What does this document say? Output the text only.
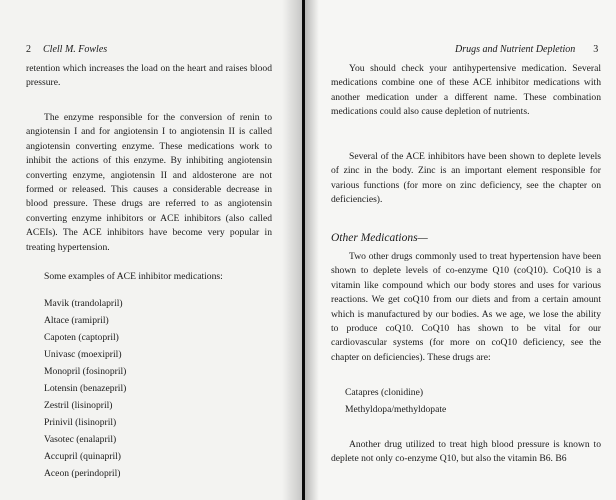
2 Clell M. Fowles

retention which increases the load on the heart and raises blood pressure.

The enzyme responsible for the conversion of renin to angiotensin I and for angiotensin I to angiotensin II is called angiotensin converting enzyme. These medications work to inhibit the actions of this enzyme. By inhibiting angiotensin converting enzyme, angiotensin II and aldosterone are not formed or released. This causes a considerable decrease in blood pressure. These drugs are referred to as angiotensin converting enzyme inhibitors or ACE inhibitors (also called ACEIs). The ACE inhibitors have become very popular in treating hypertension.

Some examples of ACE inhibitor medications:

Mavik (trandolapril)
Altace (ramipril)
Capoten (captopril)
Univasc (moexipril)
Monopril (fosinopril)
Lotensin (benazepril)
Zestril (lisinopril)
Prinivil (lisinopril)
Vasotec (enalapril)
Accupril (quinapril)
Aceon (perindopril)
Drugs and Nutrient Depletion 3

You should check your antihypertensive medication. Several medications combine one of these ACE inhibitor medications with another medication under a different name. These combination medications could also cause depletion of nutrients.

Several of the ACE inhibitors have been shown to deplete levels of zinc in the body. Zinc is an important element responsible for various functions (for more on zinc deficiency, see the chapter on deficiencies).

Other Medications—

Two other drugs commonly used to treat hypertension have been shown to deplete levels of co-enzyme Q10 (coQ10). CoQ10 is a vitamin like compound which our body stores and uses for various reactions. We get coQ10 from our diets and from a certain amount which is manufactured by our bodies. As we age, we lose the ability to produce coQ10. CoQ10 has shown to be vital for our cardiovascular systems (for more on coQ10 deficiency, see the chapter on deficiencies). These drugs are:

Catapres (clonidine)
Methyldopa/methyldopate

Another drug utilized to treat high blood pressure is known to deplete not only co-enzyme Q10, but also the vitamin B6. B6
